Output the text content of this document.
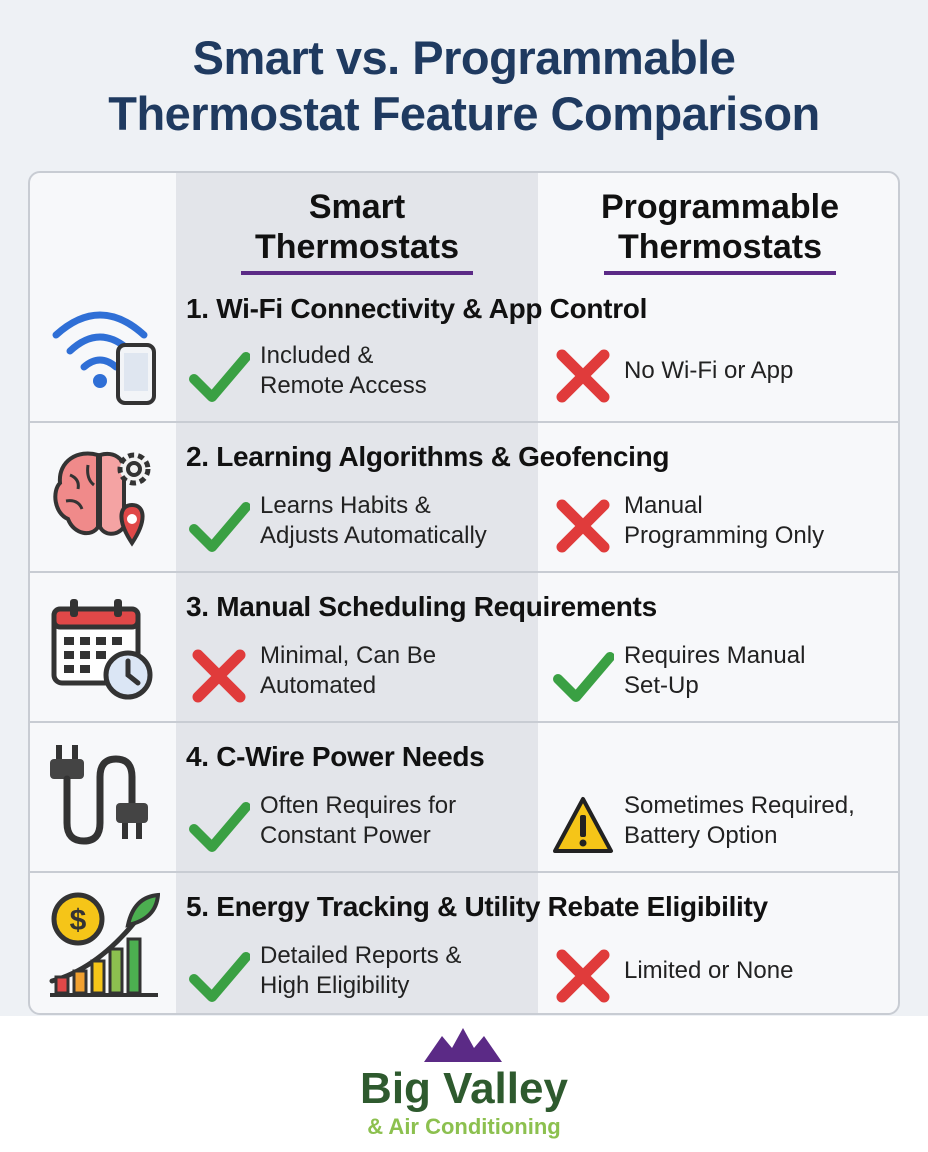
Smart vs. Programmable
Thermostat Feature Comparison
Smart
Thermostats
Programmable
Thermostats
1. Wi-Fi Connectivity & App Control
Included &
Remote Access
No Wi-Fi or App
2. Learning Algorithms & Geofencing
Learns Habits &
Adjusts Automatically
Manual
Programming Only
3. Manual Scheduling Requirements
Minimal, Can Be
Automated
Requires Manual
Set-Up
4. C-Wire Power Needs
Often Requires for
Constant Power
Sometimes Required,
Battery Option
$	5. Energy Tracking & Utility Rebate Eligibility
Detailed Reports &
High Eligibility
Limited or None
Big Valley
& Air Conditioning
